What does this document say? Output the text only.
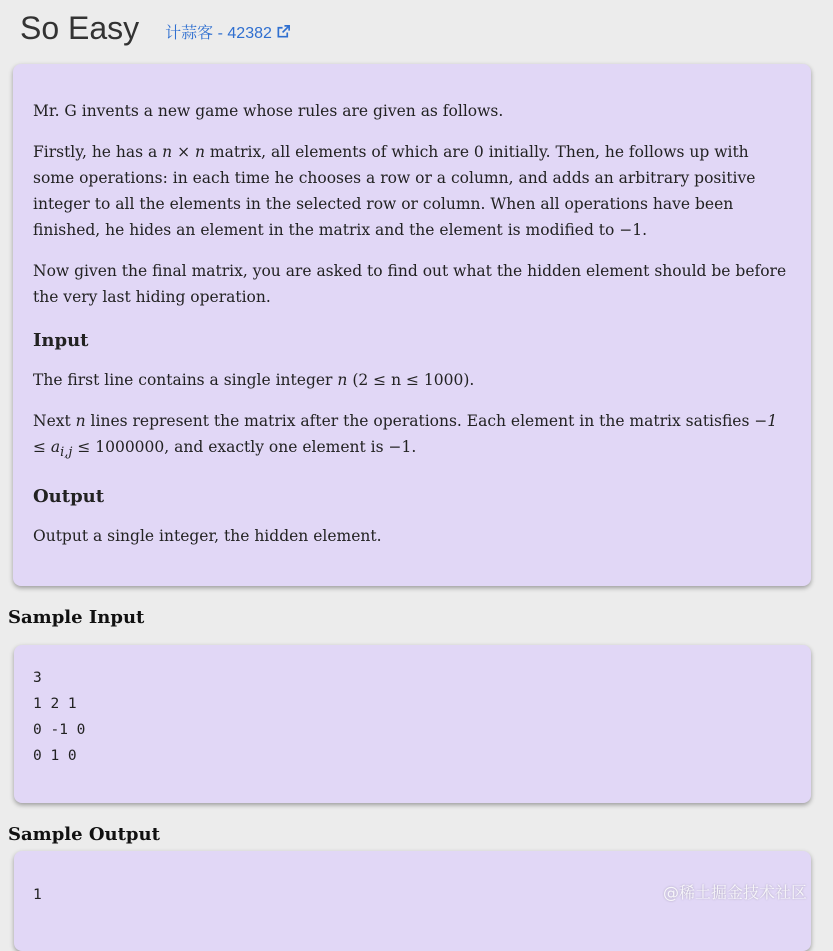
So Easy 计蒜客 - 42382

Mr. G invents a new game whose rules are given as follows.

Firstly, he has a n × n matrix, all elements of which are 0 initially. Then, he follows up with some operations: in each time he chooses a row or a column, and adds an arbitrary positive integer to all the elements in the selected row or column. When all operations have been finished, he hides an element in the matrix and the element is modified to −1.

Now given the final matrix, you are asked to find out what the hidden element should be before the very last hiding operation.

Input

The first line contains a single integer n (2 ≤ n ≤ 1000).

Next n lines represent the matrix after the operations. Each element in the matrix satisfies $-1 \le a_{i,j} \le 1000000$, and exactly one element is −1.

Output

Output a single integer, the hidden element.

Sample Input
3
1 2 1
0 -1 0
0 1 0
Sample Output
1	@稀土掘金技术社区
